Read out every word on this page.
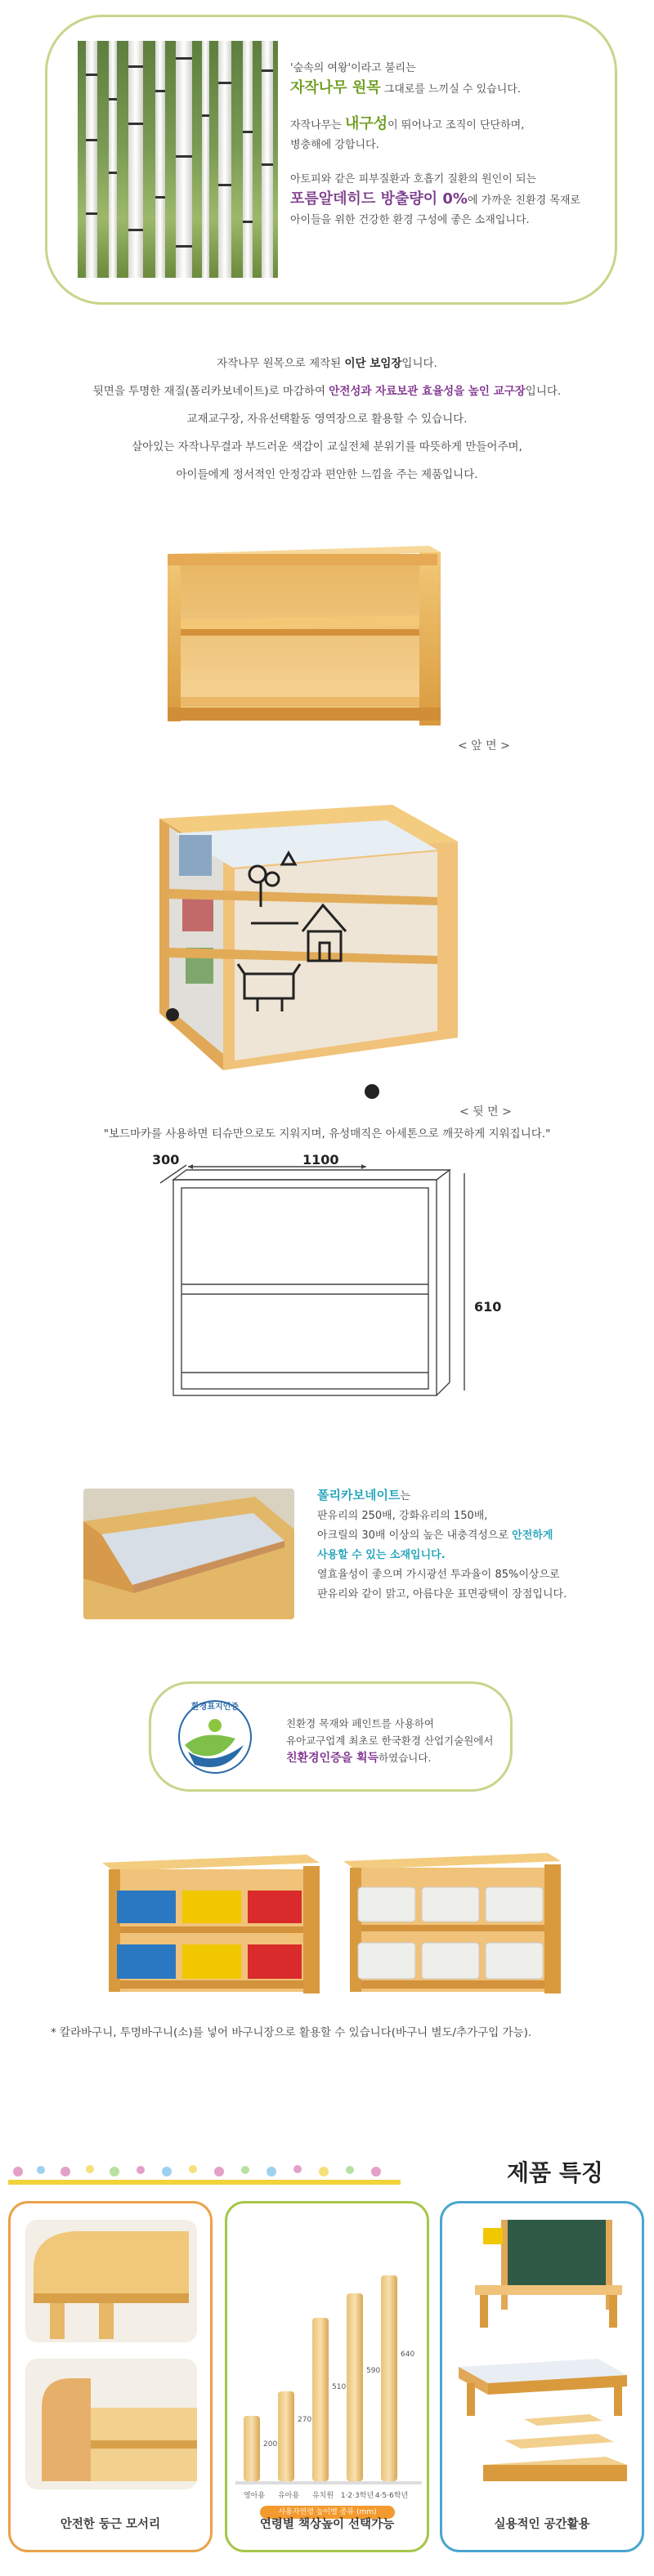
'숲속의 여왕'이라고 불리는

자작나무 원목 그대로를 느끼실 수 있습니다.

자작나무는 내구성이 뛰어나고 조직이 단단하며,

병충해에 강합니다.

아토피와 같은 피부질환과 호흡기 질환의 원인이 되는

포름알데히드 방출량이 0%에 가까운 친환경 목재로

아이들을 위한 건강한 환경 구성에 좋은 소재입니다.

자작나무 원목으로 제작된 이단 보임장입니다.

뒷면을 투명한 재질(폴리카보네이트)로 마감하여 안전성과 자료보관 효율성을 높인 교구장입니다.

교재교구장, 자유선택활동 영역장으로 활용할 수 있습니다.

살아있는 자작나무결과 부드러운 색감이 교실전체 분위기를 따뜻하게 만들어주며,

아이들에게 정서적인 안정감과 편안한 느낌을 주는 제품입니다.

< 앞 면 >
< 뒷 면 >
"보드마카를 사용하면 티슈만으로도 지워지며, 유성매직은 아세톤으로 깨끗하게 지워집니다."
300	1100
610

폴리카보네이트는

판유리의 250배, 강화유리의 150배,

아크릴의 30배 이상의 높은 내충격성으로 안전하게

사용할 수 있는 소재입니다.

열효율성이 좋으며 가시광선 투과율이 85%이상으로

판유리와 같이 맑고, 아름다운 표면광택이 장점입니다.

환경표지인증

친환경 목재와 페인트를 사용하여

유아교구업계 최초로 한국환경 산업기술원에서

친환경인증을 획득하였습니다.

* 칼라바구니, 투명바구니(소)를 넣어 바구니장으로 활용할 수 있습니다(바구니 별도/추가구입 가능).
제품 특징
안전한 둥근 모서리
200
270
510
590
640
영아용	유아용	유치원 1·2·3학년 4·5·6학년
사용자연령 높이별 종류 (mm)
연령별 책상높이 선택가능	실용적인 공간활용
